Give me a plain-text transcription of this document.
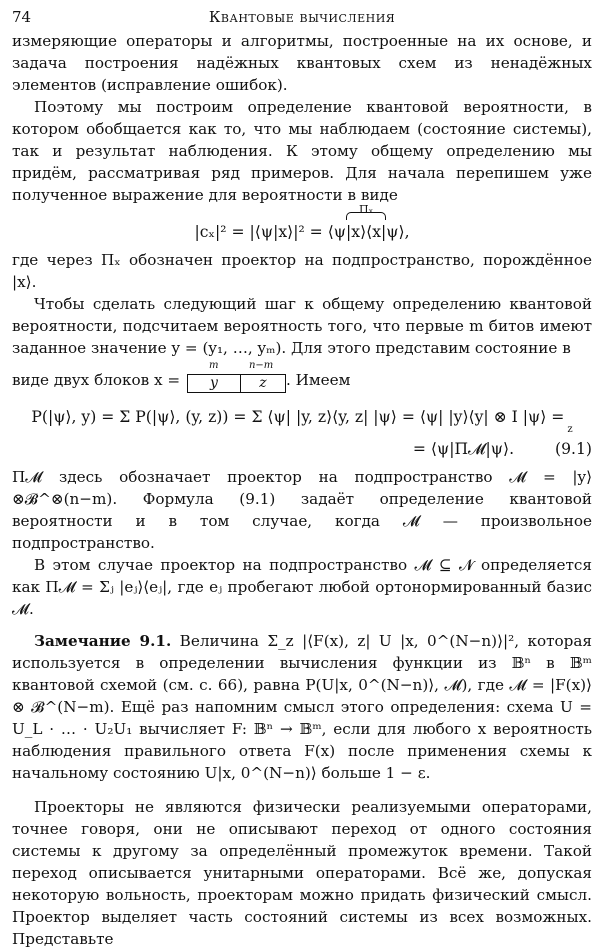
74	Квантовые вычисления

измеряющие операторы и алгоритмы, построенные на их основе, и задача построения надёжных квантовых схем из ненадёжных элементов (исправление ошибок).

Поэтому мы построим определение квантовой вероятности, в котором обобщается как то, что мы наблюдаем (состояние системы), так и результат наблюдения. К этому общему определению мы придём, рассматривая ряд примеров. Для начала перепишем уже полученное выражение для вероятности в виде

|cₓ|² = |⟨ψ|x⟩|² = ⟨ψ
Πₓ
|x⟩⟨x|ψ⟩,

где через Πₓ обозначен проектор на подпространство, порождённое |x⟩.

Чтобы сделать следующий шаг к общему определению квантовой вероятности, подсчитаем вероятность того, что первые m битов имеют заданное значение y = (y₁, …, yₘ). Для этого представим состояние в

виде двух блоков x =
m	n−m
y	z . Имеем

P(|ψ⟩, y) = Σ P(|ψ⟩, (y, z)) = Σ ⟨ψ| |y, z⟩⟨y, z| |ψ⟩ = ⟨ψ| |y⟩⟨y| ⊗ I |ψ⟩ = $_z$
= ⟨ψ|Π𝓜|ψ⟩.	(9.1)

Π𝓜 здесь обозначает проектор на подпространство 𝓜 = |y⟩⊗𝓑^⊗(n−m). Формула (9.1) задаёт определение квантовой вероятности и в том случае, когда 𝓜 — произвольное подпространство.

В этом случае проектор на подпространство 𝓜 ⊆ 𝓝 определяется как Π𝓜 = Σⱼ |eⱼ⟩⟨eⱼ|, где eⱼ пробегают любой ортонормированный базис 𝓜.

Замечание 9.1. Величина Σ_z |⟨F(x), z| U |x, 0^(N−n)⟩|², которая используется в определении вычисления функции из 𝔹ⁿ в 𝔹ᵐ квантовой схемой (см. с. 66), равна P(U|x, 0^(N−n)⟩, 𝓜), где 𝓜 = |F(x)⟩ ⊗ 𝓑^(N−m). Ещё раз напомним смысл этого определения: схема U = U_L · … · U₂U₁ вычисляет F: 𝔹ⁿ → 𝔹ᵐ, если для любого x вероятность наблюдения правильного ответа F(x) после применения схемы к начальному состоянию U|x, 0^(N−n)⟩ больше 1 − ε.

Проекторы не являются физически реализуемыми операторами, точнее говоря, они не описывают переход от одного состояния системы к другому за определённый промежуток времени. Такой переход описывается унитарными операторами. Всё же, допуская некоторую вольность, проекторам можно придать физический смысл. Проектор выделяет часть состояний системы из всех возможных. Представьте
